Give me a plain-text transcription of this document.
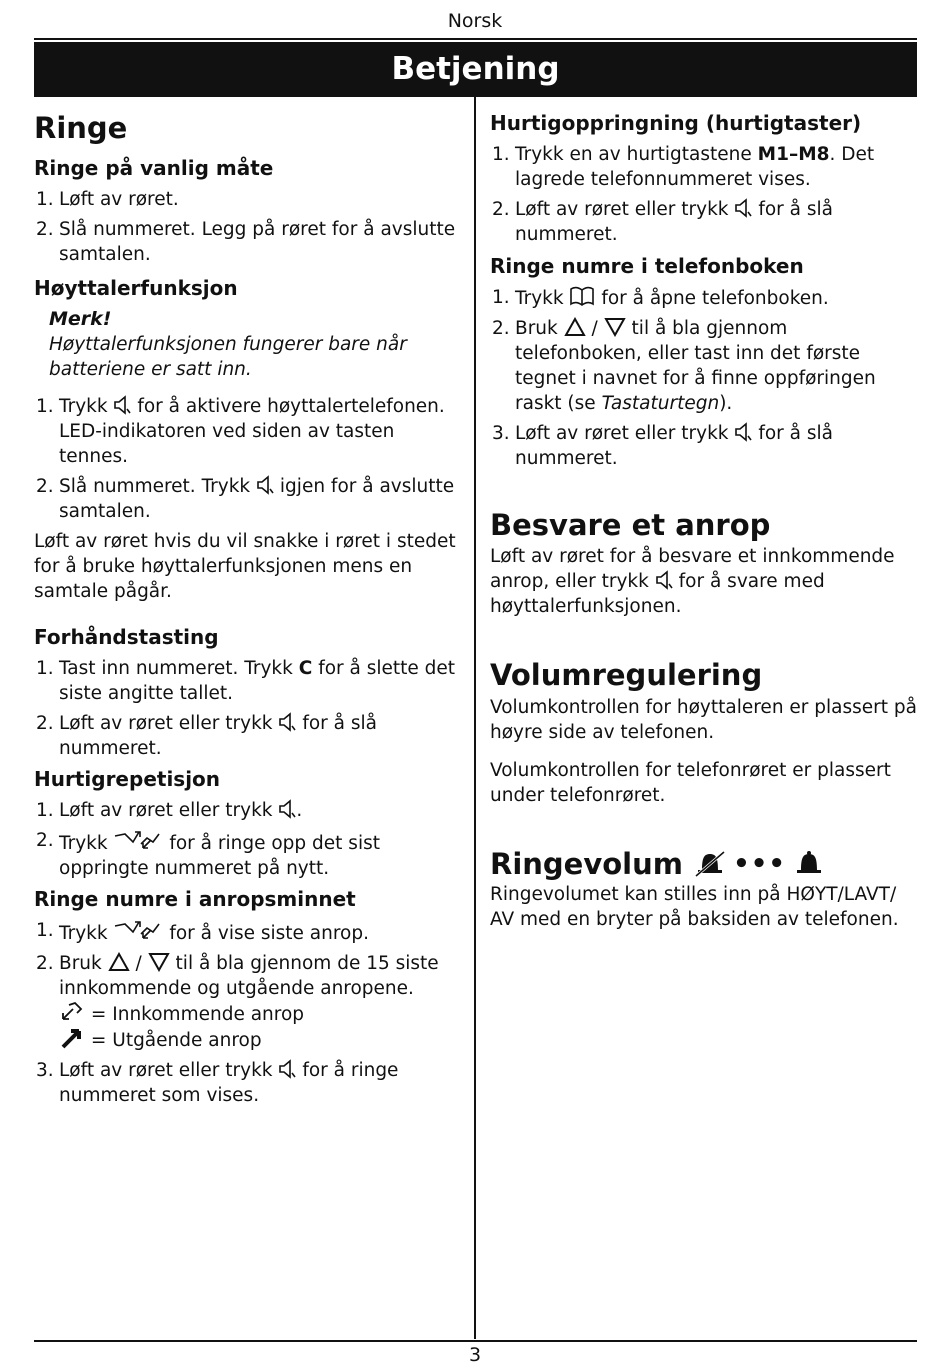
Norsk
Betjening
Ringe
Ringe på vanlig måte
1. Løft av røret.
2. Slå nummeret. Legg på røret for å avslutte samtalen.
Høyttalerfunksjon
Merk!
Høyttalerfunksjonen fungerer bare når batteriene er satt inn.
1. Trykk for å aktivere høyttalertelefonen. LED-indikatoren ved siden av tasten tennes.
2. Slå nummeret. Trykk igjen for å avslutte samtalen.

Løft av røret hvis du vil snakke i røret i stedet for å bruke høyttalerfunksjonen mens en samtale pågår.

Forhåndstasting
1. Tast inn nummeret. Trykk C for å slette det siste angitte tallet.
2. Løft av røret eller trykk for å slå nummeret.
Hurtigrepetisjon
1. Løft av røret eller trykk .
2. Trykk	for å ringe opp det sist oppringte nummeret på nytt.
Ringe numre i anropsminnet
1. Trykk	for å vise siste anrop.
2. Bruk / til å bla gjennom de 15 siste innkommende og utgående anropene.
= Innkommende anrop
= Utgående anrop
3. Løft av røret eller trykk for å ringe nummeret som vises.
Hurtigoppringning (hurtigtaster)
1. Trykk en av hurtigtastene M1–M8. Det lagrede telefonnummeret vises.
2. Løft av røret eller trykk for å slå nummeret.
Ringe numre i telefonboken
1. Trykk for å åpne telefonboken.
2. Bruk / til å bla gjennom telefonboken, eller tast inn det første tegnet i navnet for å finne oppføringen raskt (se Tastaturtegn).
3. Løft av røret eller trykk for å slå nummeret.
Besvare et anrop

Løft av røret for å besvare et innkommende anrop, eller trykk for å svare med høyttalerfunksjonen.

Volumregulering

Volumkontrollen for høyttaleren er plassert på høyre side av telefonen.

Volumkontrollen for telefonrøret er plassert under telefonrøret.

Ringevolum •••

Ringevolumet kan stilles inn på HØYT/LAVT/ AV med en bryter på baksiden av telefonen.

3
